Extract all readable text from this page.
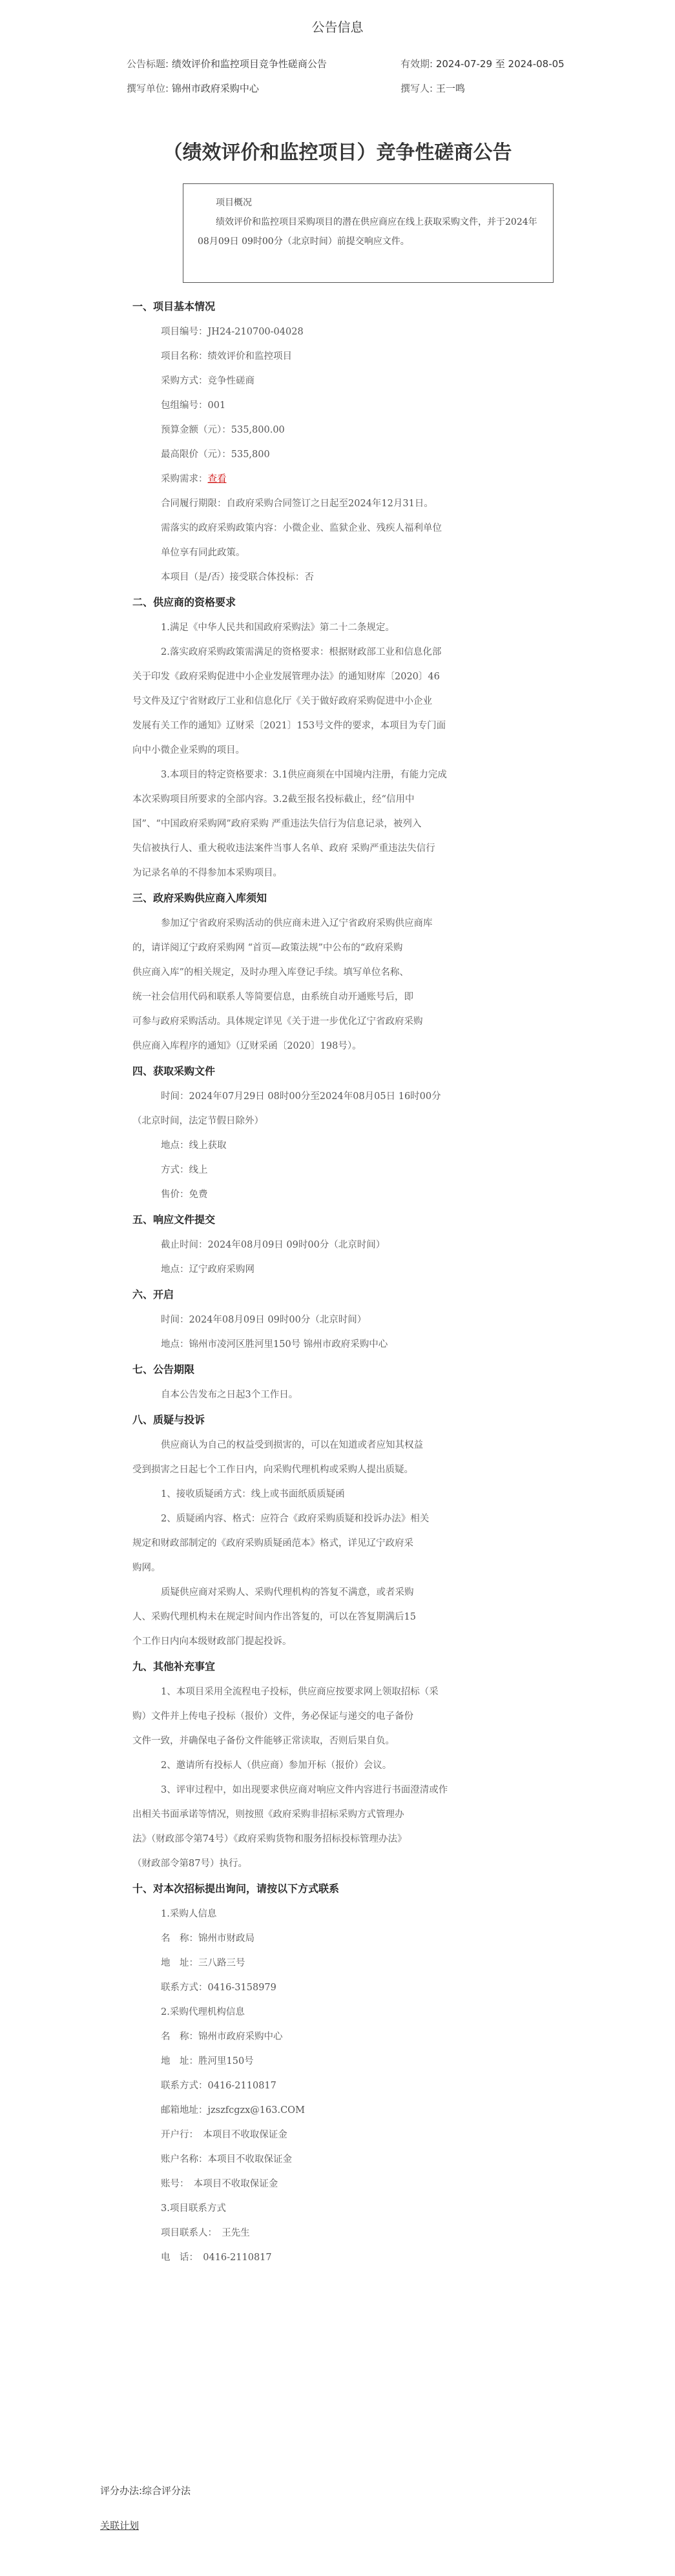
公告信息
公告标题: 绩效评价和监控项目竞争性磋商公告	有效期: 2024-07-29 至 2024-08-05
撰写单位: 锦州市政府采购中心	撰写人: 王一鸣
（绩效评价和监控项目）竞争性磋商公告

项目概况

绩效评价和监控项目采购项目的潜在供应商应在线上获取采购文件，并于2024年08月09日 09时00分（北京时间）前提交响应文件。

一、项目基本情况

项目编号：JH24-210700-04028

项目名称：绩效评价和监控项目

采购方式：竞争性磋商

包组编号：001

预算金额（元）：535,800.00

最高限价（元）：535,800

采购需求：查看

合同履行期限：自政府采购合同签订之日起至2024年12月31日。

需落实的政府采购政策内容：小微企业、监狱企业、残疾人福利单位

单位享有同此政策。

本项目（是/否）接受联合体投标：否

二、供应商的资格要求

1.满足《中华人民共和国政府采购法》第二十二条规定。

2.落实政府采购政策需满足的资格要求：根据财政部工业和信息化部

关于印发《政府采购促进中小企业发展管理办法》的通知财库〔2020〕46

号文件及辽宁省财政厅工业和信息化厅《关于做好政府采购促进中小企业

发展有关工作的通知》辽财采〔2021〕153号文件的要求，本项目为专门面

向中小微企业采购的项目。

3.本项目的特定资格要求：3.1供应商须在中国境内注册，有能力完成

本次采购项目所要求的全部内容。3.2截至报名投标截止，经“信用中

国”、“中国政府采购网”政府采购 严重违法失信行为信息记录，被列入

失信被执行人、重大税收违法案件当事人名单、政府 采购严重违法失信行

为记录名单的不得参加本采购项目。

三、政府采购供应商入库须知

参加辽宁省政府采购活动的供应商未进入辽宁省政府采购供应商库

的，请详阅辽宁政府采购网 “首页—政策法规”中公布的“政府采购

供应商入库”的相关规定，及时办理入库登记手续。填写单位名称、

统一社会信用代码和联系人等简要信息，由系统自动开通账号后，即

可参与政府采购活动。具体规定详见《关于进一步优化辽宁省政府采购

供应商入库程序的通知》（辽财采函〔2020〕198号）。

四、获取采购文件

时间：2024年07月29日 08时00分至2024年08月05日 16时00分

（北京时间，法定节假日除外）

地点：线上获取

方式：线上

售价：免费

五、响应文件提交

截止时间：2024年08月09日 09时00分（北京时间）

地点：辽宁政府采购网

六、开启

时间：2024年08月09日 09时00分（北京时间）

地点：锦州市凌河区胜河里150号 锦州市政府采购中心

七、公告期限

自本公告发布之日起3个工作日。

八、质疑与投诉

供应商认为自己的权益受到损害的，可以在知道或者应知其权益

受到损害之日起七个工作日内，向采购代理机构或采购人提出质疑。

1、接收质疑函方式：线上或书面纸质质疑函

2、质疑函内容、格式：应符合《政府采购质疑和投诉办法》相关

规定和财政部制定的《政府采购质疑函范本》格式，详见辽宁政府采

购网。

质疑供应商对采购人、采购代理机构的答复不满意，或者采购

人、采购代理机构未在规定时间内作出答复的，可以在答复期满后15

个工作日内向本级财政部门提起投诉。

九、其他补充事宜

1、本项目采用全流程电子投标，供应商应按要求网上领取招标（采

购）文件并上传电子投标（报价）文件，务必保证与递交的电子备份

文件一致，并确保电子备份文件能够正常读取，否则后果自负。

2、邀请所有投标人（供应商）参加开标（报价）会议。

3、评审过程中，如出现要求供应商对响应文件内容进行书面澄清或作

出相关书面承诺等情况，则按照《政府采购非招标采购方式管理办

法》（财政部令第74号）《政府采购货物和服务招标投标管理办法》

（财政部令第87号）执行。

十、对本次招标提出询问，请按以下方式联系

1.采购人信息

名　称：锦州市财政局

地　址：三八路三号

联系方式：0416-3158979

2.采购代理机构信息

名　称：锦州市政府采购中心

地　址：胜河里150号

联系方式：0416-2110817

邮箱地址：jzszfcgzx@163.COM

开户行：　本项目不收取保证金

账户名称：本项目不收取保证金

账号：　本项目不收取保证金

3.项目联系方式

项目联系人：　王先生

电　话：　0416-2110817

评分办法:综合评分法
关联计划
